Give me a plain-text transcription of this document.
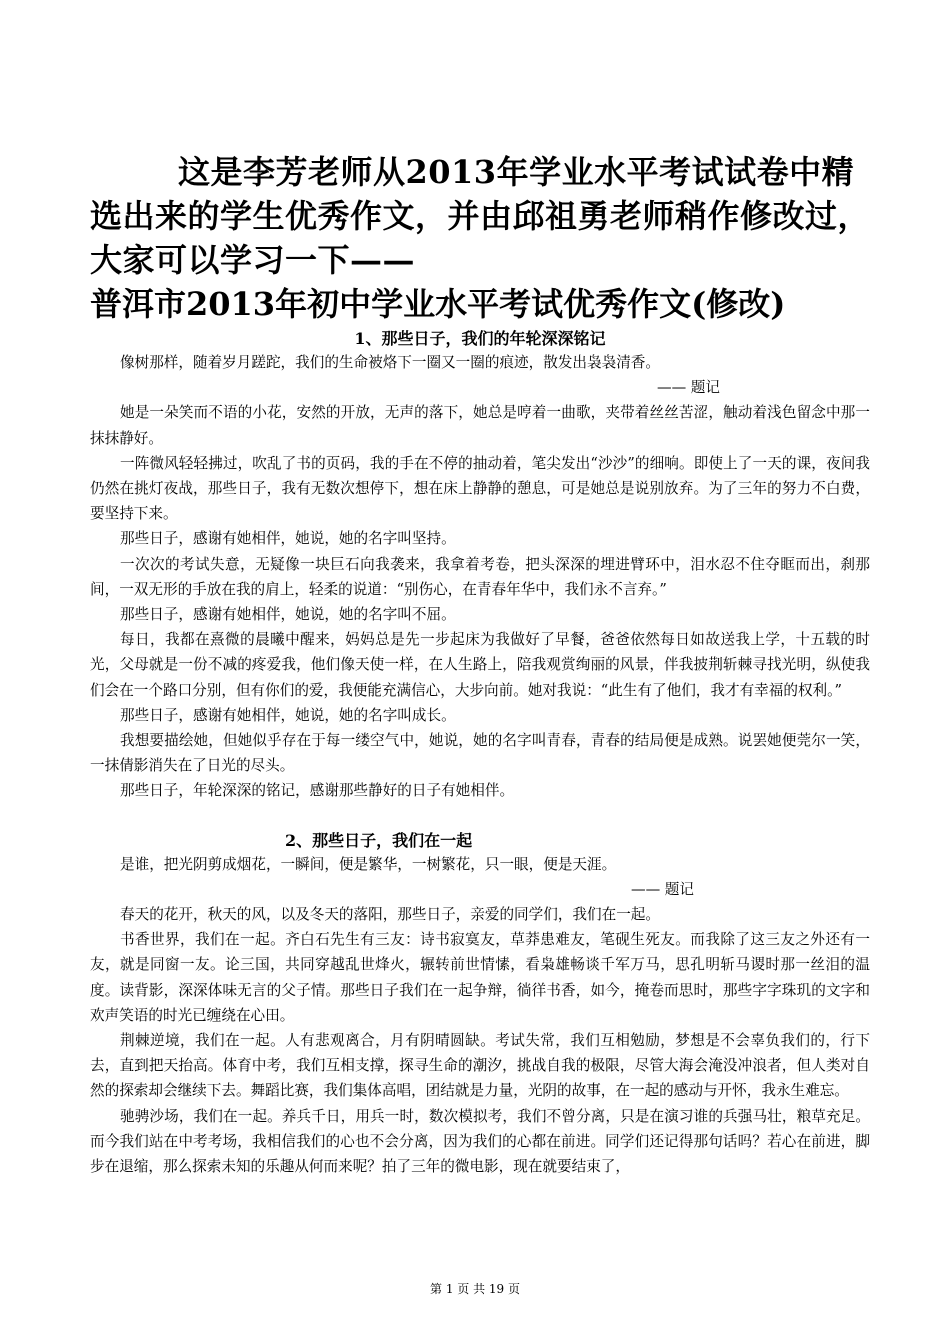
这是李芳老师从2013年学业水平考试试卷中精选出来的学生优秀作文，并由邱祖勇老师稍作修改过，大家可以学习一下——

普洱市2013年初中学业水平考试优秀作文(修改)

1、那些日子，我们的年轮深深铭记

像树那样，随着岁月蹉跎，我们的生命被烙下一圈又一圈的痕迹，散发出袅袅清香。

—— 题记

她是一朵笑而不语的小花，安然的开放，无声的落下，她总是哼着一曲歌，夹带着丝丝苦涩，触动着浅色留念中那一抹抹静好。

一阵微风轻轻拂过，吹乱了书的页码，我的手在不停的抽动着，笔尖发出“沙沙”的细响。即使上了一天的课，夜间我仍然在挑灯夜战，那些日子，我有无数次想停下，想在床上静静的憩息，可是她总是说别放弃。为了三年的努力不白费，要坚持下来。

那些日子，感谢有她相伴，她说，她的名字叫坚持。

一次次的考试失意，无疑像一块巨石向我袭来，我拿着考卷，把头深深的埋进臂环中，泪水忍不住夺眶而出，刹那间，一双无形的手放在我的肩上，轻柔的说道：“别伤心，在青春年华中，我们永不言弃。”

那些日子，感谢有她相伴，她说，她的名字叫不屈。

每日，我都在熹微的晨曦中醒来，妈妈总是先一步起床为我做好了早餐，爸爸依然每日如故送我上学，十五载的时光，父母就是一份不减的疼爱我，他们像天使一样，在人生路上，陪我观赏绚丽的风景，伴我披荆斩棘寻找光明，纵使我们会在一个路口分别，但有你们的爱，我便能充满信心，大步向前。她对我说：“此生有了他们，我才有幸福的权利。”

那些日子，感谢有她相伴，她说，她的名字叫成长。

我想要描绘她，但她似乎存在于每一缕空气中，她说，她的名字叫青春，青春的结局便是成熟。说罢她便莞尔一笑，一抹倩影消失在了日光的尽头。

那些日子，年轮深深的铭记，感谢那些静好的日子有她相伴。

2、那些日子，我们在一起

是谁，把光阴剪成烟花，一瞬间，便是繁华，一树繁花，只一眼，便是天涯。

—— 题记

春天的花开，秋天的风，以及冬天的落阳，那些日子，亲爱的同学们，我们在一起。

书香世界，我们在一起。齐白石先生有三友：诗书寂寞友，草莽患难友，笔砚生死友。而我除了这三友之外还有一友，就是同窗一友。论三国，共同穿越乱世烽火，辗转前世情愫，看枭雄畅谈千军万马，思孔明斩马谡时那一丝泪的温度。读背影，深深体味无言的父子情。那些日子我们在一起争辩，徜徉书香，如今，掩卷而思时，那些字字珠玑的文字和欢声笑语的时光已缠绕在心田。

荆棘逆境，我们在一起。人有悲观离合，月有阴晴圆缺。考试失常，我们互相勉励，梦想是不会辜负我们的，行下去，直到把天抬高。体育中考，我们互相支撑，探寻生命的潮汐，挑战自我的极限，尽管大海会淹没冲浪者，但人类对自然的探索却会继续下去。舞蹈比赛，我们集体高唱，团结就是力量，光阴的故事，在一起的感动与开怀，我永生难忘。

驰骋沙场，我们在一起。养兵千日，用兵一时，数次模拟考，我们不曾分离，只是在演习谁的兵强马壮，粮草充足。而今我们站在中考考场，我相信我们的心也不会分离，因为我们的心都在前进。同学们还记得那句话吗？若心在前进，脚步在退缩，那么探索未知的乐趣从何而来呢？拍了三年的微电影，现在就要结束了，

第 1 页 共 19 页
